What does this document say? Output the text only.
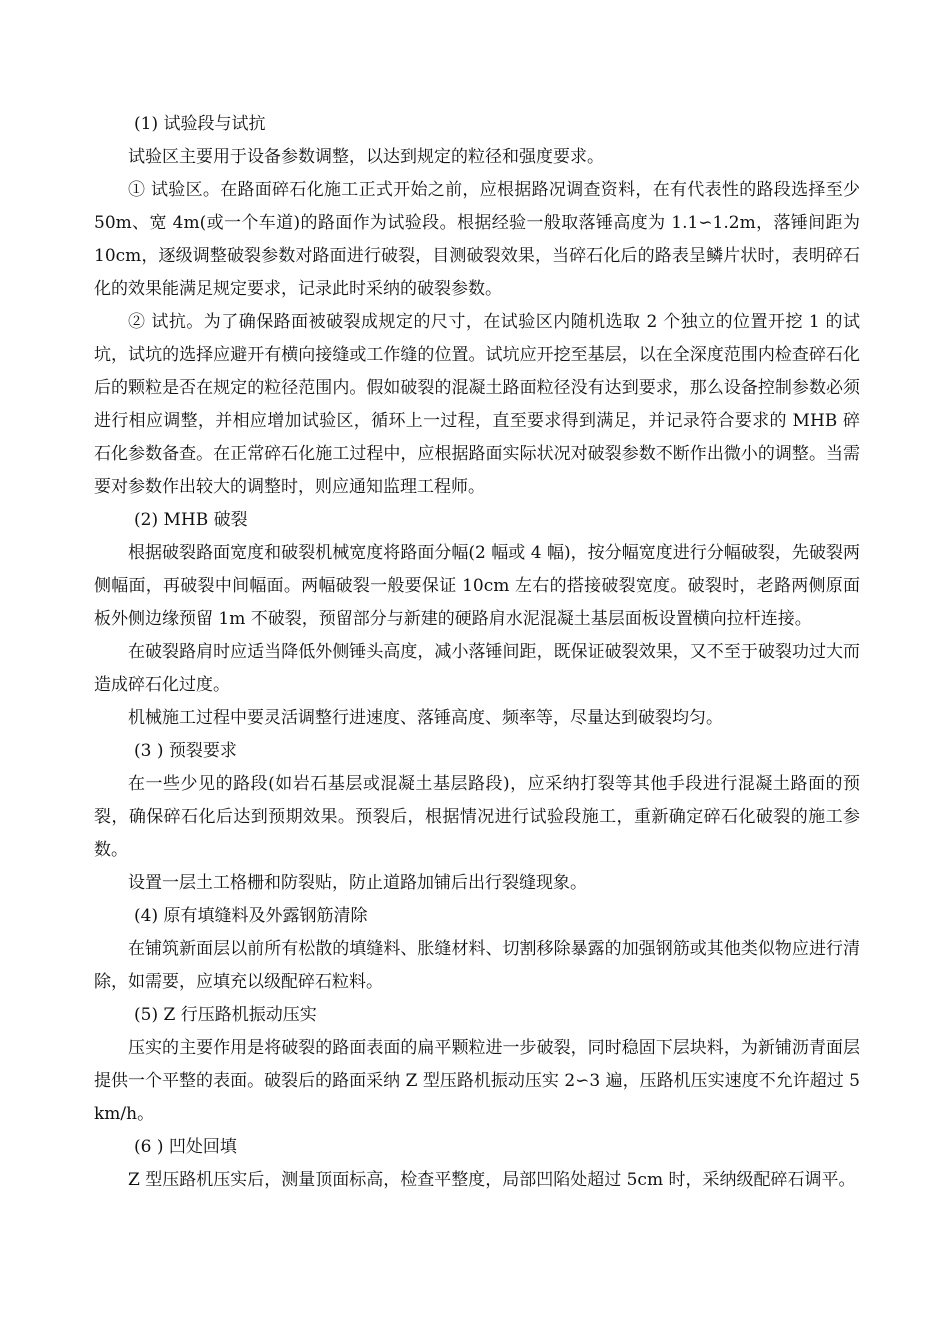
(1) 试验段与试抗

试验区主要用于设备参数调整，以达到规定的粒径和强度要求。

① 试验区。在路面碎石化施工正式开始之前，应根据路况调查资料，在有代表性的路段选择至少 50m、宽 4m(或一个车道)的路面作为试验段。根据经验一般取落锤高度为 1.1∽1.2m，落锤间距为 10cm，逐级调整破裂参数对路面进行破裂，目测破裂效果，当碎石化后的路表呈鳞片状时，表明碎石化的效果能满足规定要求，记录此时采纳的破裂参数。

② 试抗。为了确保路面被破裂成规定的尺寸，在试验区内随机选取 2 个独立的位置开挖 1 的试坑，试坑的选择应避开有横向接缝或工作缝的位置。试坑应开挖至基层，以在全深度范围内检查碎石化后的颗粒是否在规定的粒径范围内。假如破裂的混凝土路面粒径没有达到要求，那么设备控制参数必须进行相应调整，并相应增加试验区，循环上一过程，直至要求得到满足，并记录符合要求的 MHB 碎石化参数备查。在正常碎石化施工过程中，应根据路面实际状况对破裂参数不断作出微小的调整。当需要对参数作出较大的调整时，则应通知监理工程师。

(2) MHB 破裂

根据破裂路面宽度和破裂机械宽度将路面分幅(2 幅或 4 幅)，按分幅宽度进行分幅破裂，先破裂两侧幅面，再破裂中间幅面。两幅破裂一般要保证 10cm 左右的搭接破裂宽度。破裂时，老路两侧原面板外侧边缘预留 1m 不破裂，预留部分与新建的硬路肩水泥混凝土基层面板设置横向拉杆连接。

在破裂路肩时应适当降低外侧锤头高度，减小落锤间距，既保证破裂效果，又不至于破裂功过大而造成碎石化过度。

机械施工过程中要灵活调整行进速度、落锤高度、频率等，尽量达到破裂均匀。

(3 ) 预裂要求

在一些少见的路段(如岩石基层或混凝土基层路段)，应采纳打裂等其他手段进行混凝土路面的预裂，确保碎石化后达到预期效果。预裂后，根据情况进行试验段施工，重新确定碎石化破裂的施工参数。

设置一层土工格栅和防裂贴，防止道路加铺后出行裂缝现象。

(4) 原有填缝料及外露钢筋清除

在铺筑新面层以前所有松散的填缝料、胀缝材料、切割移除暴露的加强钢筋或其他类似物应进行清除，如需要，应填充以级配碎石粒料。

(5) Z 行压路机振动压实

压实的主要作用是将破裂的路面表面的扁平颗粒进一步破裂，同时稳固下层块料，为新铺沥青面层提供一个平整的表面。破裂后的路面采纳 Z 型压路机振动压实 2∽3 遍，压路机压实速度不允许超过 5km/h。

(6 ) 凹处回填

Z 型压路机压实后，测量顶面标高，检查平整度，局部凹陷处超过 5cm 时，采纳级配碎石调平。
